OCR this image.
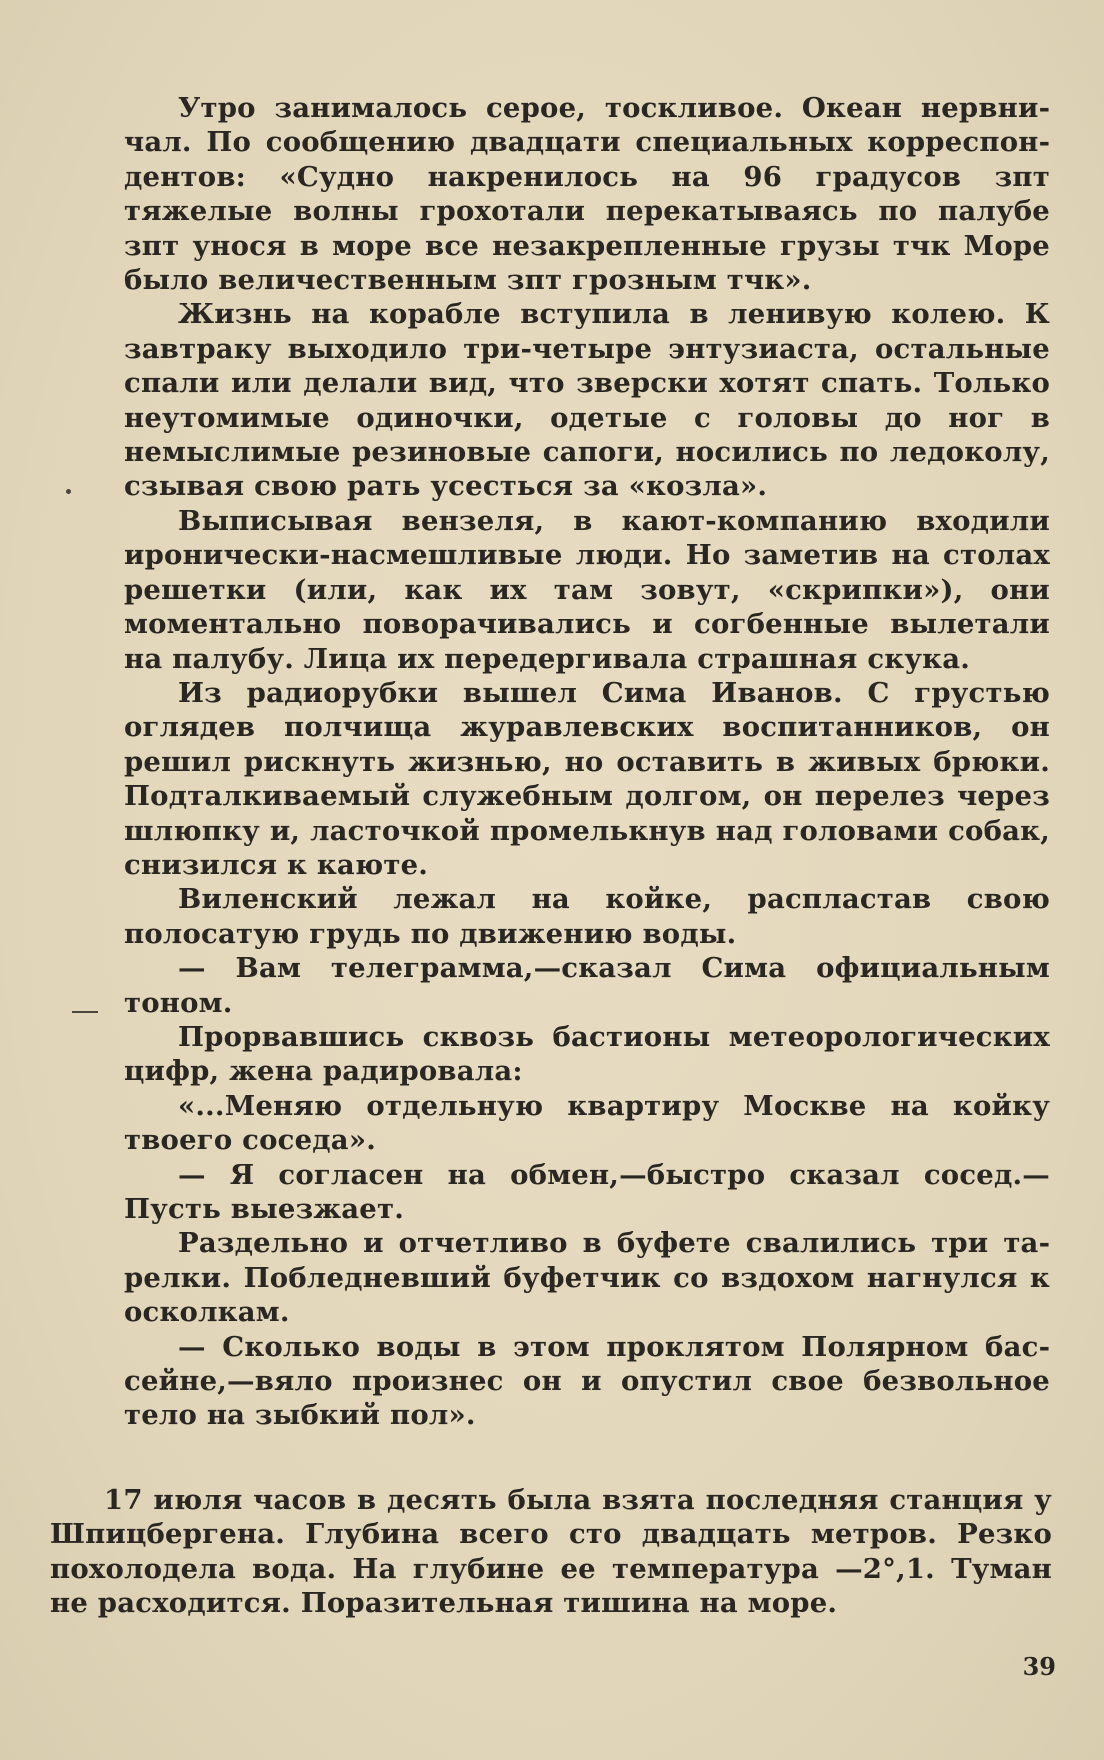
Утро занималось серое, тоскливое. Океан нервничал. По сообщению двадцати специальных корреспондентов: «Судно накренилось на 96 градусов зпт тяжелые волны грохотали перекатываясь по палубе зпт унося в море все незакрепленные грузы тчк Море было величественным зпт грозным тчк».

Жизнь на корабле вступила в ленивую колею. К завтраку выходило три-четыре энтузиаста, остальные спали или делали вид, что зверски хотят спать. Только неутомимые одиночки, одетые с головы до ног в немыслимые резиновые сапоги, носились по ледоколу, сзывая свою рать усесться за «козла».

Выписывая вензеля, в кают-компанию входили иронически-насмешливые люди. Но заметив на столах решетки (или, как их там зовут, «скрипки»), они моментально поворачивались и согбенные вылетали на палубу. Лица их передергивала страшная скука.

Из радиорубки вышел Сима Иванов. С грустью оглядев полчища журавлевских воспитанников, он решил рискнуть жизнью, но оставить в живых брюки. Подталкиваемый служебным долгом, он перелез через шлюпку и, ласточкой промелькнув над головами собак, снизился к каюте.

Виленский лежал на койке, распластав свою полосатую грудь по движению воды.

— Вам телеграмма,—сказал Сима официальным тоном.

Прорвавшись сквозь бастионы метеорологических цифр, жена радировала:

«...Меняю отдельную квартиру Москве на койку твоего соседа».

— Я согласен на обмен,—быстро сказал сосед.— Пусть выезжает.

Раздельно и отчетливо в буфете свалились три тарелки. Побледневший буфетчик со вздохом нагнулся к осколкам.

— Сколько воды в этом проклятом Полярном бассейне,—вяло произнес он и опустил свое безвольное тело на зыбкий пол».

17 июля часов в десять была взята последняя станция у Шпицбергена. Глубина всего сто двадцать метров. Резко похолодела вода. На глубине ее температура —2°,1. Туман не расходится. Поразительная тишина на море.

39
